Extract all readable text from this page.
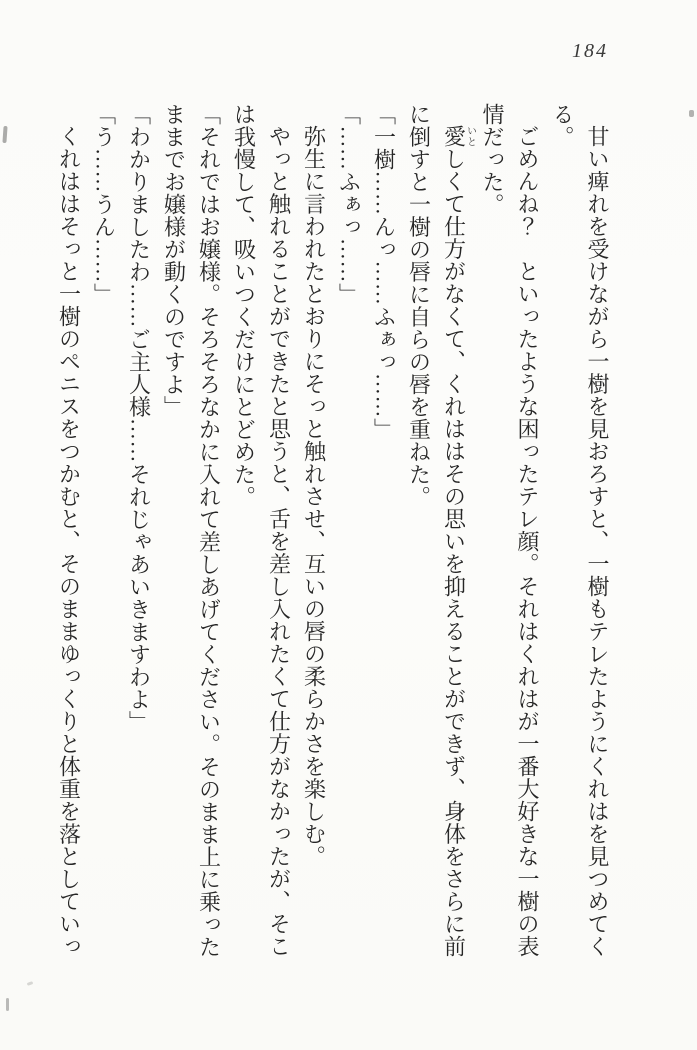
184

甘い痺れを受けながら一樹を見おろすと、一樹もテレたようにくれはを見つめてく

る。

ごめんね？　といったような困ったテレ顔。それはくれはが一番大好きな一樹の表

情だった。

愛いとしくて仕方がなくて、くれははその思いを抑えることができず、身体をさらに前

に倒すと一樹の唇に自らの唇を重ねた。

「一樹……んっ……ふぁっ……」

「……ふぁっ……」

弥生に言われたとおりにそっと触れさせ、互いの唇の柔らかさを楽しむ。

やっと触れることができたと思うと、舌を差し入れたくて仕方がなかったが、そこ

は我慢して、吸いつくだけにとどめた。

「それではお嬢様。そろそろなかに入れて差しあげてください。そのまま上に乗った

ままでお嬢様が動くのですよ」

「わかりましたわ……ご主人様……それじゃあいきますわよ」

「う……うん……」

くれははそっと一樹のペニスをつかむと、そのままゆっくりと体重を落としていっ
